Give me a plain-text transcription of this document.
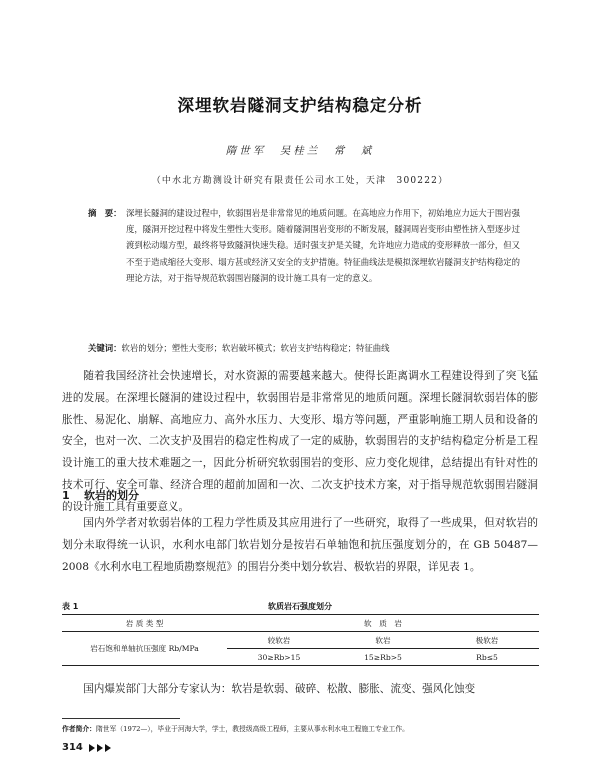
深埋软岩隧洞支护结构稳定分析
隋世军　吴桂兰　常　斌
（中水北方勘测设计研究有限责任公司水工处，天津　300222）
摘　要： 深埋长隧洞的建设过程中，软弱围岩是非常常见的地质问题。在高地应力作用下，初始地应力远大于围岩强度，隧洞开挖过程中将发生塑性大变形。随着隧洞围岩变形的不断发展，隧洞周岩变形由塑性挤入型逐步过渡到松动塌方型，最终将导致隧洞快速失稳。适时强支护是关键，允许地应力造成的变形释放一部分，但又不至于造成缩径大变形、塌方甚或经济又安全的支护措施。特征曲线法是模拟深埋软岩隧洞支护结构稳定的理论方法，对于指导规范软弱围岩隧洞的设计施工具有一定的意义。
关键词：软岩的划分；塑性大变形；软岩破坏模式；软岩支护结构稳定；特征曲线
随着我国经济社会快速增长，对水资源的需要越来越大。使得长距离调水工程建设得到了突飞猛进的发展。在深埋长隧洞的建设过程中，软弱围岩是非常常见的地质问题。深埋长隧洞软弱岩体的膨胀性、易泥化、崩解、高地应力、高外水压力、大变形、塌方等问题，严重影响施工期人员和设备的安全，也对一次、二次支护及围岩的稳定性构成了一定的威胁，软弱围岩的支护结构稳定分析是工程设计施工的重大技术难题之一，因此分析研究软弱围岩的变形、应力变化规律，总结提出有针对性的技术可行、安全可靠、经济合理的超前加固和一次、二次支护技术方案，对于指导规范软弱围岩隧洞的设计施工具有重要意义。
1 软岩的划分
国内外学者对软弱岩体的工程力学性质及其应用进行了一些研究，取得了一些成果，但对软岩的划分未取得统一认识，水利水电部门软岩划分是按岩石单轴饱和抗压强度划分的，在 GB 50487—2008《水利水电工程地质勘察规范》的围岩分类中划分软岩、极软岩的界限，详见表 1。
表 1	软质岩石强度划分
岩 质 类 型	软　质　岩		
岩石饱和单轴抗压强度 Rb/MPa	较软岩	软岩	极软岩
	30≥Rb>15	15≥Rb>5	Rb≤5
国内爆炭部门大部分专家认为：软岩是软弱、破碎、松散、膨胀、流变、强风化蚀变
作者简介：隋世军（1972—），毕业于河海大学，学士，教授级高级工程师，主要从事水利水电工程施工专业工作。
314
